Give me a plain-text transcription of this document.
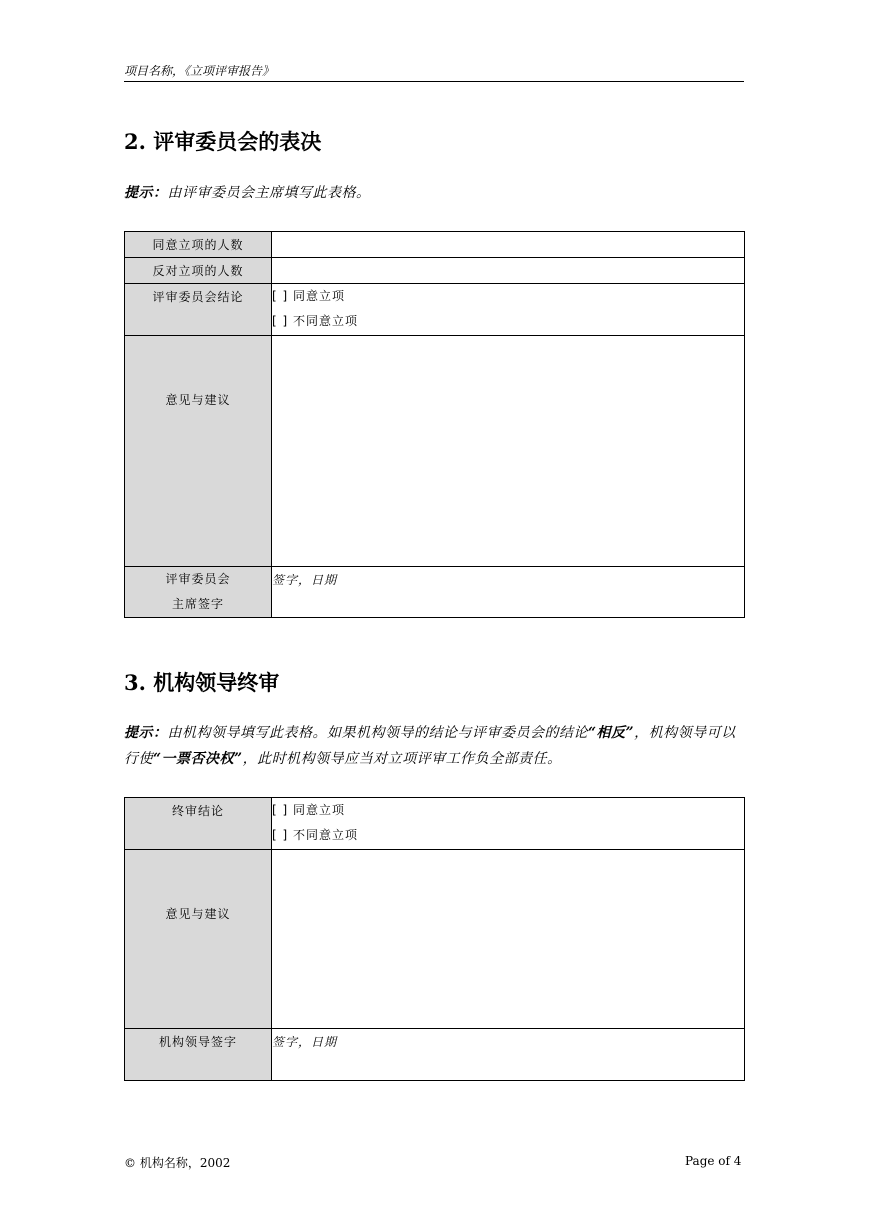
项目名称，《立项评审报告》
2. 评审委员会的表决
提示：由评审委员会主席填写此表格。
同意立项的人数	
反对立项的人数	
评审委员会结论	[ ] 同意立项
[ ] 不同意立项

意见与建议	

评审委员会
主席签字	签字，日期
3. 机构领导终审
提示：由机构领导填写此表格。如果机构领导的结论与评审委员会的结论“相反”，机构领导可以行使“一票否决权”，此时机构领导应当对立项评审工作负全部责任。
终审结论	[ ] 同意立项
[ ] 不同意立项

意见与建议	
机构领导签字	签字，日期
© 机构名称，2002	Page of 4
